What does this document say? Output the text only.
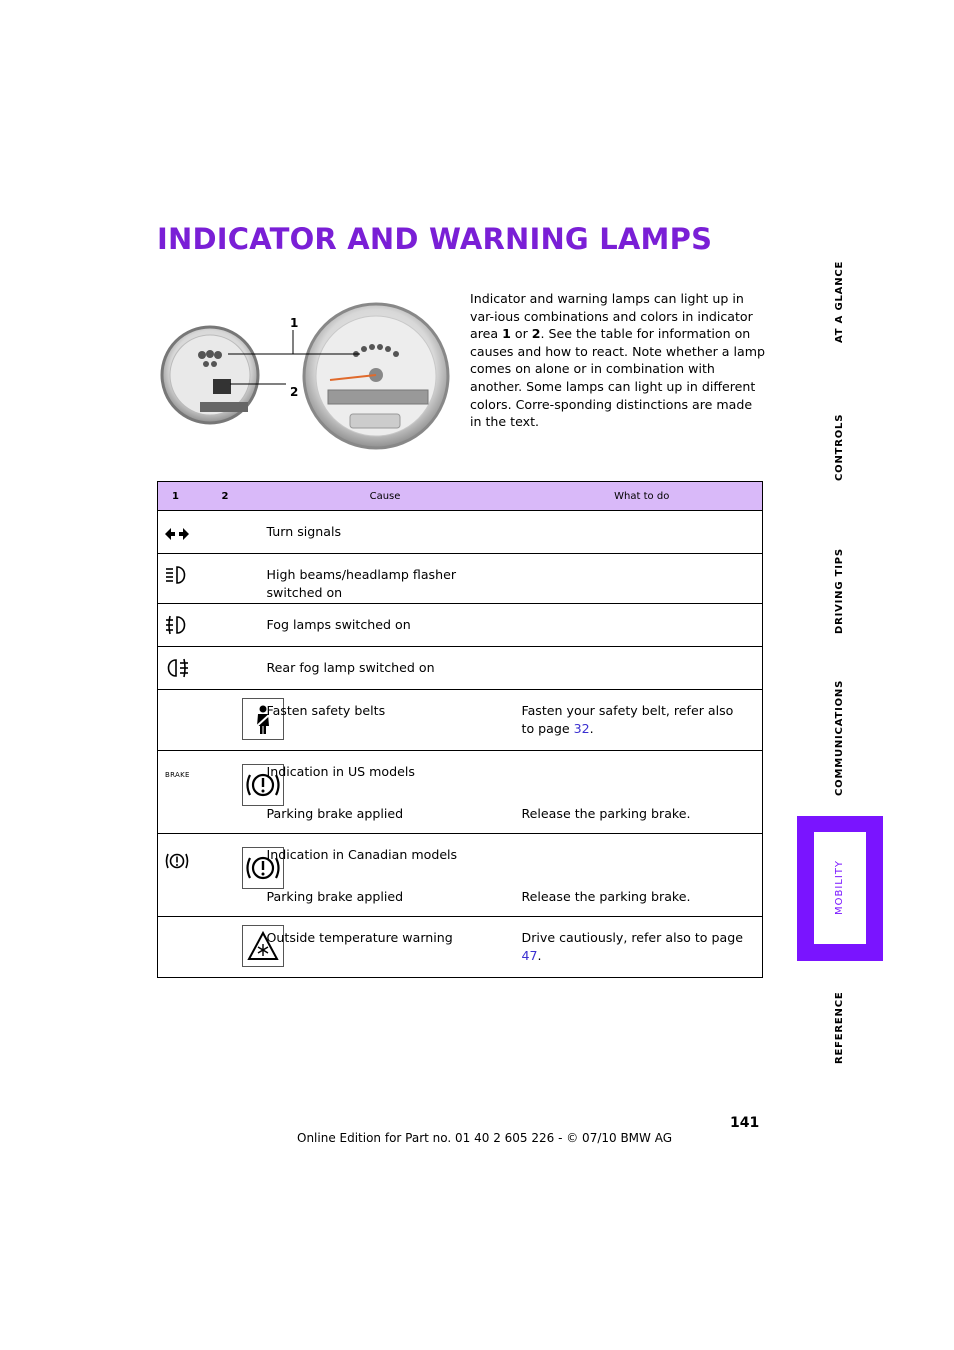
INDICATOR AND WARNING LAMPS
1
2

Indicator and warning lamps can light up in var-ious combinations and colors in indicator area 1 or 2. See the table for information on causes and how to react. Note whether a lamp comes on alone or in combination with another. Some lamps can light up in different colors. Corre-sponding distinctions are made in the text.

1	2	Cause	What to do

Turn signals	

High beams/headlamp flasher switched on	

Fog lamps switched on	

Rear fog lamp switched on	

Fasten safety belts	Fasten your safety belt, refer also to page 32.

BRAKE		Indication in US models
Parking brake applied	Release the parking brake.

Indication in Canadian models
Parking brake applied	Release the parking brake.

Outside temperature warning	Drive cautiously, refer also to page 47.
AT A GLANCE
CONTROLS
DRIVING TIPS
COMMUNICATIONS
MOBILITY
REFERENCE
141
Online Edition for Part no. 01 40 2 605 226 - © 07/10 BMW AG
